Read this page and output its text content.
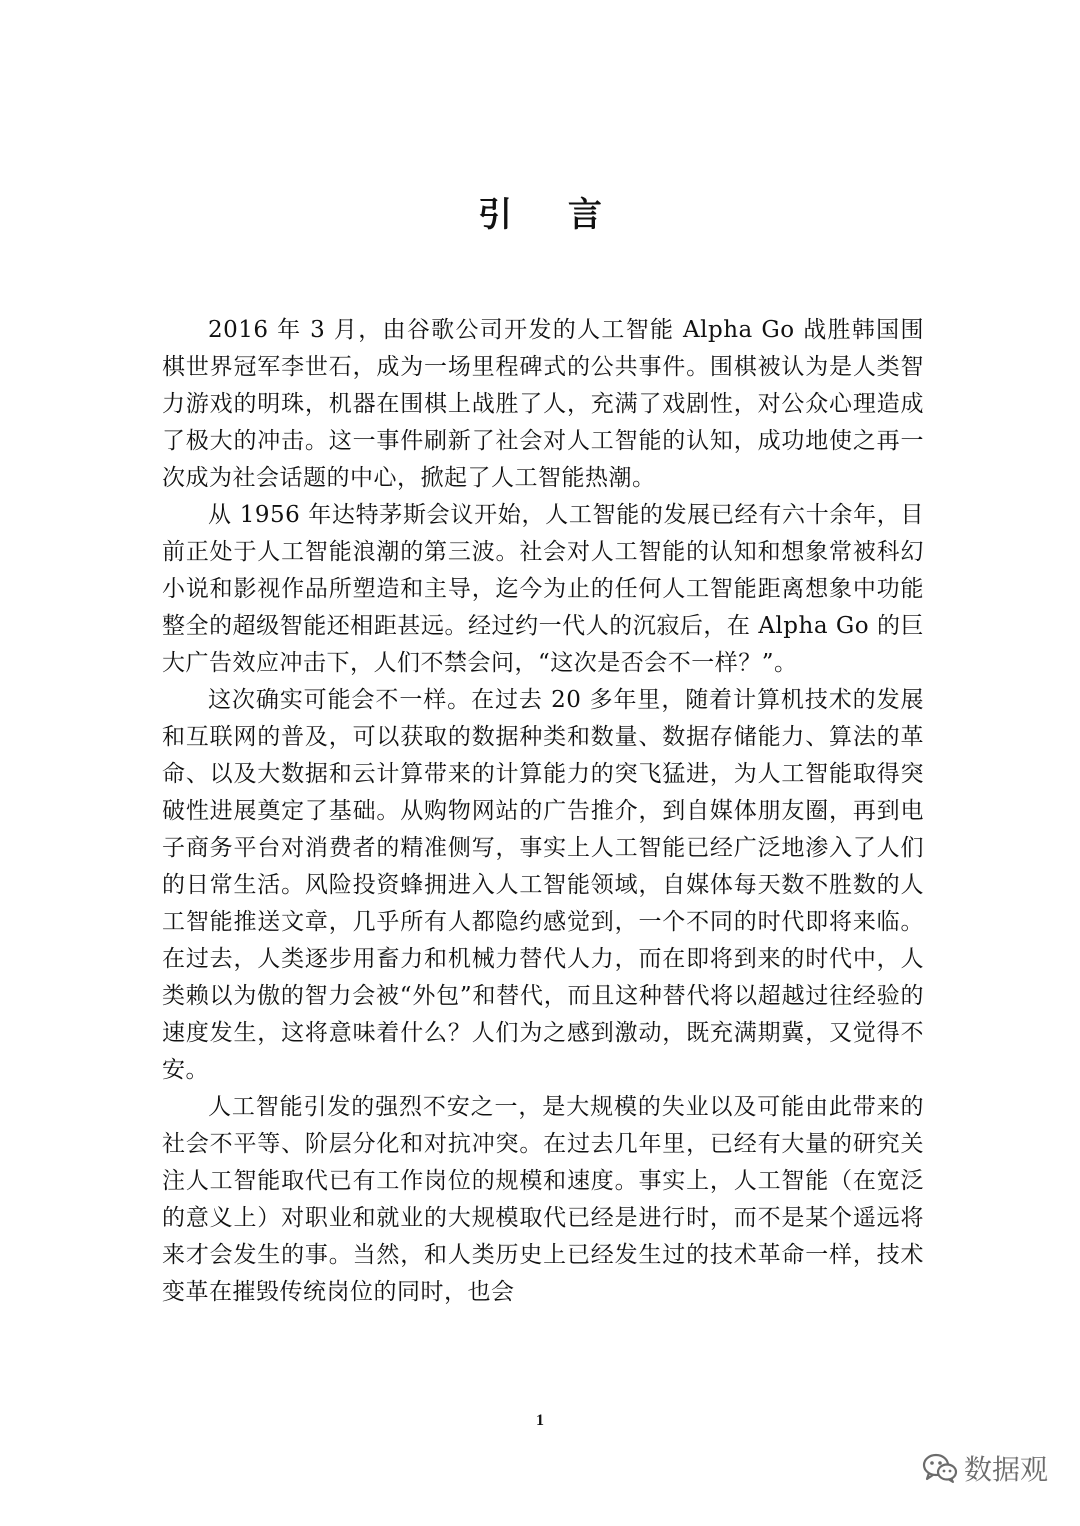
引 言

2016 年 3 月，由谷歌公司开发的人工智能 Alpha Go 战胜韩国围棋世界冠军李世石，成为一场里程碑式的公共事件。围棋被认为是人类智力游戏的明珠，机器在围棋上战胜了人，充满了戏剧性，对公众心理造成了极大的冲击。这一事件刷新了社会对人工智能的认知，成功地使之再一次成为社会话题的中心，掀起了人工智能热潮。

从 1956 年达特茅斯会议开始，人工智能的发展已经有六十余年，目前正处于人工智能浪潮的第三波。社会对人工智能的认知和想象常被科幻小说和影视作品所塑造和主导，迄今为止的任何人工智能距离想象中功能整全的超级智能还相距甚远。经过约一代人的沉寂后，在 Alpha Go 的巨大广告效应冲击下，人们不禁会问，“这次是否会不一样？”。

这次确实可能会不一样。在过去 20 多年里，随着计算机技术的发展和互联网的普及，可以获取的数据种类和数量、数据存储能力、算法的革命、以及大数据和云计算带来的计算能力的突飞猛进，为人工智能取得突破性进展奠定了基础。从购物网站的广告推介，到自媒体朋友圈，再到电子商务平台对消费者的精准侧写，事实上人工智能已经广泛地渗入了人们的日常生活。风险投资蜂拥进入人工智能领域，自媒体每天数不胜数的人工智能推送文章，几乎所有人都隐约感觉到，一个不同的时代即将来临。在过去，人类逐步用畜力和机械力替代人力，而在即将到来的时代中，人类赖以为傲的智力会被“外包”和替代，而且这种替代将以超越过往经验的速度发生，这将意味着什么？人们为之感到激动，既充满期冀，又觉得不安。

人工智能引发的强烈不安之一，是大规模的失业以及可能由此带来的社会不平等、阶层分化和对抗冲突。在过去几年里，已经有大量的研究关注人工智能取代已有工作岗位的规模和速度。事实上，人工智能（在宽泛的意义上）对职业和就业的大规模取代已经是进行时，而不是某个遥远将来才会发生的事。当然，和人类历史上已经发生过的技术革命一样，技术变革在摧毁传统岗位的同时，也会

1
数据观
